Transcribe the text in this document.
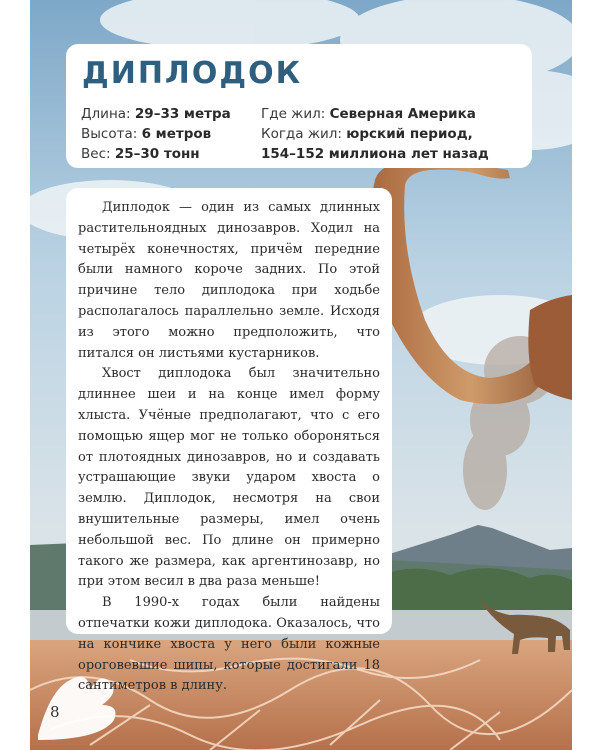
ДИПЛОДОК
Длина: 29–33 метра
Высота: 6 метров
Вес: 25–30 тонн
Где жил: Северная Америка
Когда жил: юрский период,
154–152 миллиона лет назад

Диплодок — один из самых длинных растительноядных динозавров. Ходил на четырёх конечностях, причём передние были намного короче задних. По этой причине тело диплодока при ходьбе располагалось параллельно земле. Исходя из этого можно предположить, что питался он листьями кустарников.

Хвост диплодока был значительно длиннее шеи и на конце имел форму хлыста. Учёные предполагают, что с его помощью ящер мог не только обороняться от плотоядных динозавров, но и создавать устрашающие звуки ударом хвоста о землю. Диплодок, несмотря на свои внушительные размеры, имел очень небольшой вес. По длине он примерно такого же размера, как аргентинозавр, но при этом весил в два раза меньше!

В 1990-х годах были найдены отпечатки кожи диплодока. Оказалось, что на кончике хвоста у него были кожные ороговевшие шипы, которые достигали 18 сантиметров в длину.

8
